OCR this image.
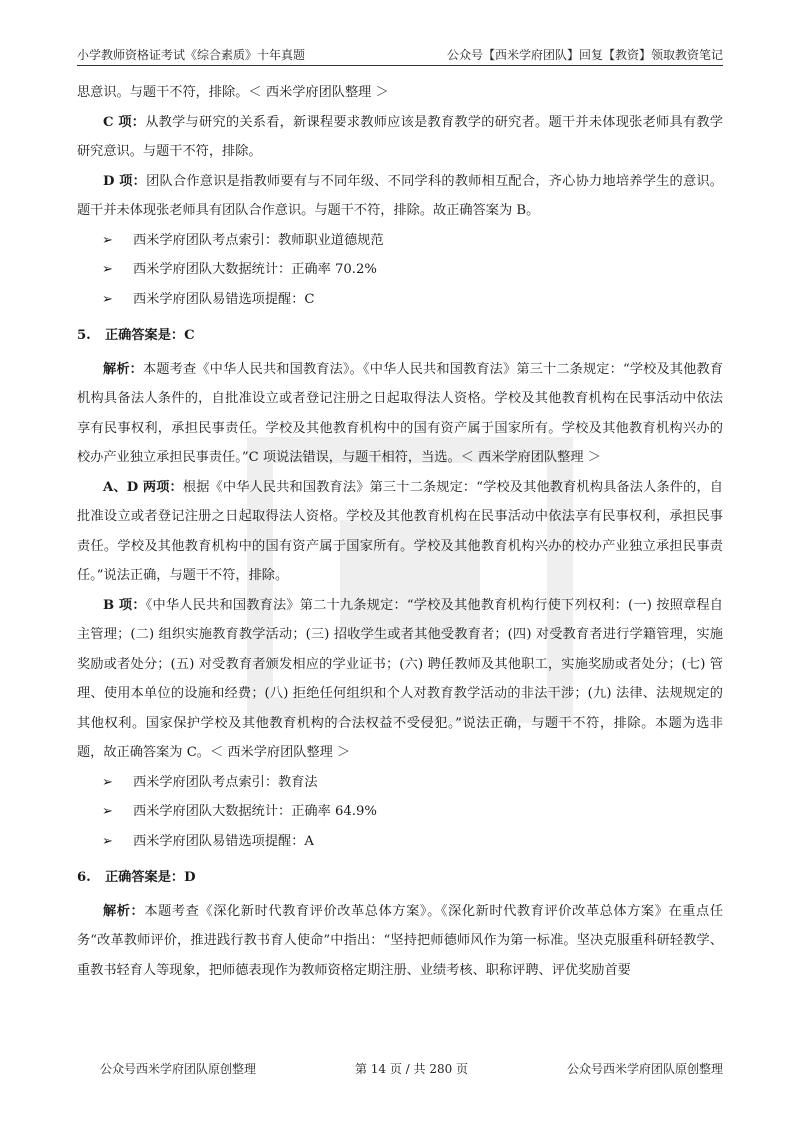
小学教师资格证考试《综合素质》十年真题	公众号【西米学府团队】回复【教资】领取教资笔记

思意识。与题干不符，排除。＜ 西米学府团队整理 ＞

C 项：从教学与研究的关系看，新课程要求教师应该是教育教学的研究者。题干并未体现张老师具有教学研究意识。与题干不符，排除。

D 项：团队合作意识是指教师要有与不同年级、不同学科的教师相互配合，齐心协力地培养学生的意识。题干并未体现张老师具有团队合作意识。与题干不符，排除。故正确答案为 B。

➢	西米学府团队考点索引：教师职业道德规范
➢	西米学府团队大数据统计：正确率 70.2%
➢	西米学府团队易错选项提醒：C
5.	正确答案是：C

解析：本题考查《中华人民共和国教育法》。《中华人民共和国教育法》第三十二条规定：“学校及其他教育机构具备法人条件的，自批准设立或者登记注册之日起取得法人资格。学校及其他教育机构在民事活动中依法享有民事权利，承担民事责任。学校及其他教育机构中的国有资产属于国家所有。学校及其他教育机构兴办的校办产业独立承担民事责任。”C 项说法错误，与题干相符，当选。＜ 西米学府团队整理 ＞

A、D 两项：根据《中华人民共和国教育法》第三十二条规定：“学校及其他教育机构具备法人条件的，自批准设立或者登记注册之日起取得法人资格。学校及其他教育机构在民事活动中依法享有民事权利，承担民事责任。学校及其他教育机构中的国有资产属于国家所有。学校及其他教育机构兴办的校办产业独立承担民事责任。”说法正确，与题干不符，排除。

B 项：《中华人民共和国教育法》第二十九条规定：“学校及其他教育机构行使下列权利：(一) 按照章程自主管理；(二) 组织实施教育教学活动；(三) 招收学生或者其他受教育者；(四) 对受教育者进行学籍管理，实施奖励或者处分；(五) 对受教育者颁发相应的学业证书；(六) 聘任教师及其他职工，实施奖励或者处分；(七) 管理、使用本单位的设施和经费；(八) 拒绝任何组织和个人对教育教学活动的非法干涉；(九) 法律、法规规定的其他权利。国家保护学校及其他教育机构的合法权益不受侵犯。”说法正确，与题干不符，排除。本题为选非题，故正确答案为 C。＜ 西米学府团队整理 ＞

➢	西米学府团队考点索引：教育法
➢	西米学府团队大数据统计：正确率 64.9%
➢	西米学府团队易错选项提醒：A
6.	正确答案是：D

解析：本题考查《深化新时代教育评价改革总体方案》。《深化新时代教育评价改革总体方案》在重点任务“改革教师评价，推进践行教书育人使命”中指出：“坚持把师德师风作为第一标准。坚决克服重科研轻教学、重教书轻育人等现象，把师德表现作为教师资格定期注册、业绩考核、职称评聘、评优奖励首要

公众号西米学府团队原创整理	第 14 页 / 共 280 页	公众号西米学府团队原创整理
